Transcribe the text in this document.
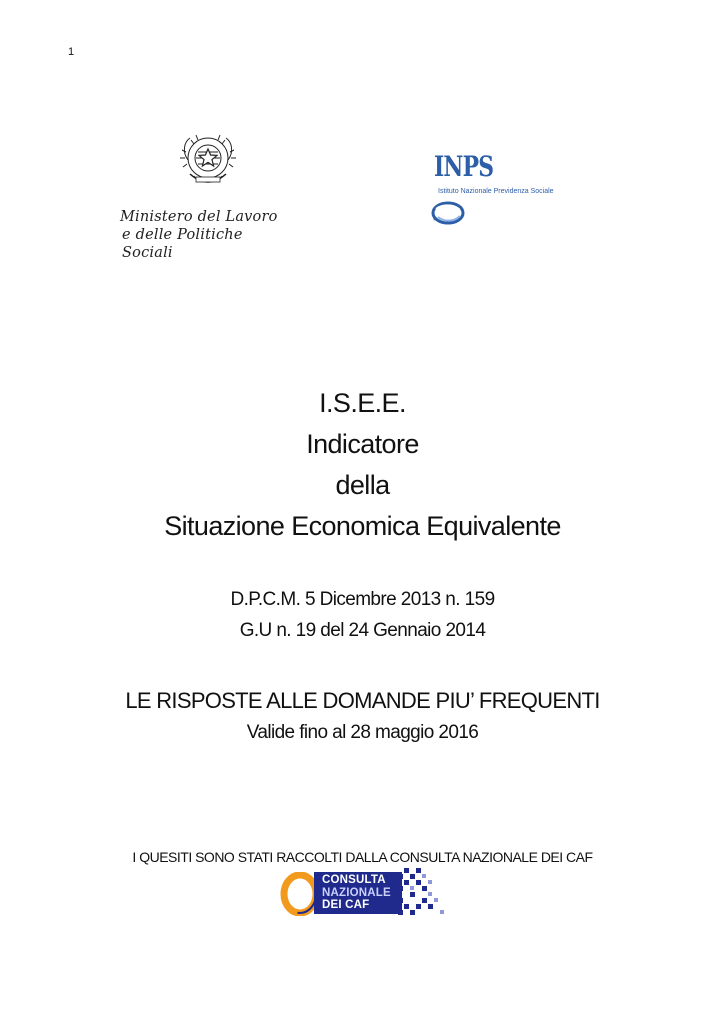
1
Ministero del Lavoro
e delle Politiche Sociali
INPS
Istituto Nazionale Previdenza Sociale
I.S.E.E.
Indicatore
della
Situazione Economica Equivalente
D.P.C.M. 5 Dicembre 2013 n. 159
G.U n. 19 del 24 Gennaio 2014
LE RISPOSTE ALLE DOMANDE PIU’ FREQUENTI
Valide fino al 28 maggio 2016
I QUESITI SONO STATI RACCOLTI DALLA CONSULTA NAZIONALE DEI CAF
CONSULTA
NAZIONALE
DEI CAF
